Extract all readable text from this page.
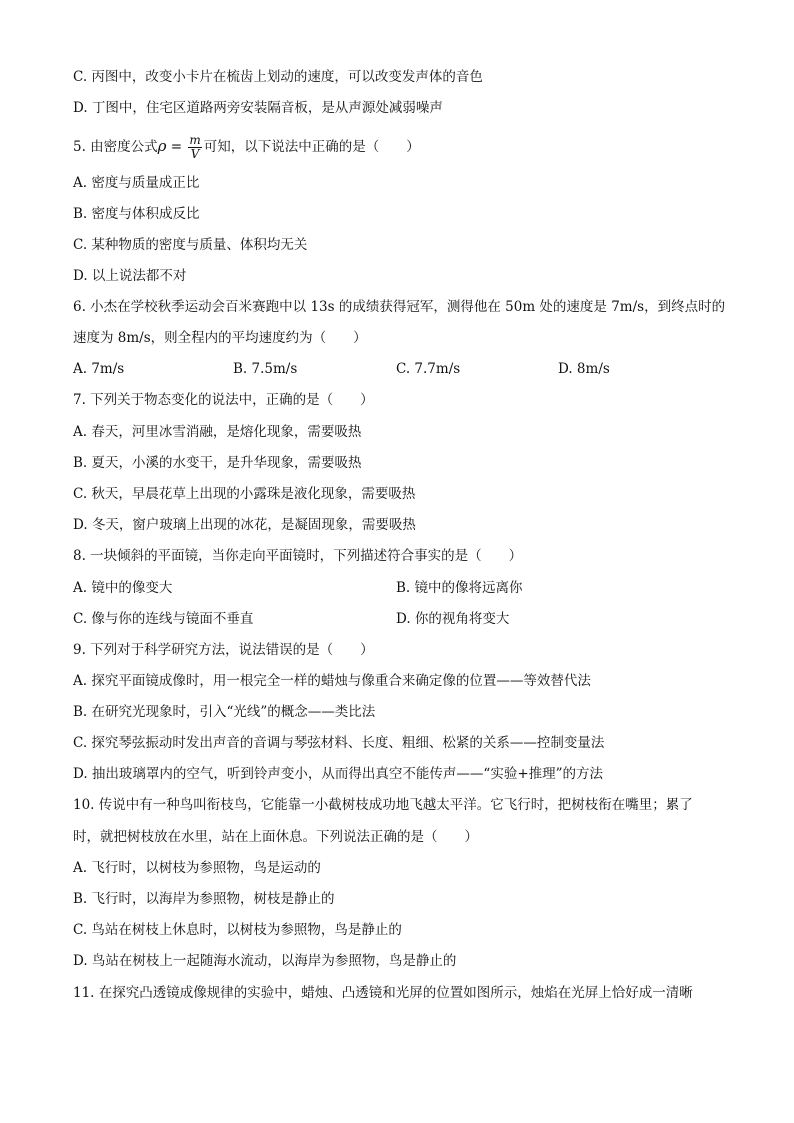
C. 丙图中，改变小卡片在梳齿上划动的速度，可以改变发声体的音色
D. 丁图中，住宅区道路两旁安装隔音板，是从声源处减弱噪声
5. 由密度公式$\rho = \frac{m}{V}$ 可知，以下说法中正确的是（　　）
A. 密度与质量成正比
B. 密度与体积成反比
C. 某种物质的密度与质量、体积均无关
D. 以上说法都不对
6. 小杰在学校秋季运动会百米赛跑中以 13s 的成绩获得冠军，测得他在 50m 处的速度是 7m/s，到终点时的
速度为 8m/s，则全程内的平均速度约为（　　）
A. 7m/s	B. 7.5m/s	C. 7.7m/s	D. 8m/s
7. 下列关于物态变化的说法中，正确的是（　　）
A. 春天，河里冰雪消融，是熔化现象，需要吸热
B. 夏天，小溪的水变干，是升华现象，需要吸热
C. 秋天，早晨花草上出现的小露珠是液化现象，需要吸热
D. 冬天，窗户玻璃上出现的冰花，是凝固现象，需要吸热
8. 一块倾斜的平面镜，当你走向平面镜时，下列描述符合事实的是（　　）
A. 镜中的像变大	B. 镜中的像将远离你
C. 像与你的连线与镜面不垂直	D. 你的视角将变大
9. 下列对于科学研究方法，说法错误的是（　　）
A. 探究平面镜成像时，用一根完全一样的蜡烛与像重合来确定像的位置——等效替代法
B. 在研究光现象时，引入“光线”的概念——类比法
C. 探究琴弦振动时发出声音的音调与琴弦材料、长度、粗细、松紧的关系——控制变量法
D. 抽出玻璃罩内的空气，听到铃声变小，从而得出真空不能传声——“实验+推理”的方法
10. 传说中有一种鸟叫衔枝鸟，它能靠一小截树枝成功地飞越太平洋。它飞行时，把树枝衔在嘴里；累了
时，就把树枝放在水里，站在上面休息。下列说法正确的是（　　）
A. 飞行时，以树枝为参照物，鸟是运动的
B. 飞行时，以海岸为参照物，树枝是静止的
C. 鸟站在树枝上休息时，以树枝为参照物，鸟是静止的
D. 鸟站在树枝上一起随海水流动，以海岸为参照物，鸟是静止的
11. 在探究凸透镜成像规律的实验中，蜡烛、凸透镜和光屏的位置如图所示，烛焰在光屏上恰好成一清晰
